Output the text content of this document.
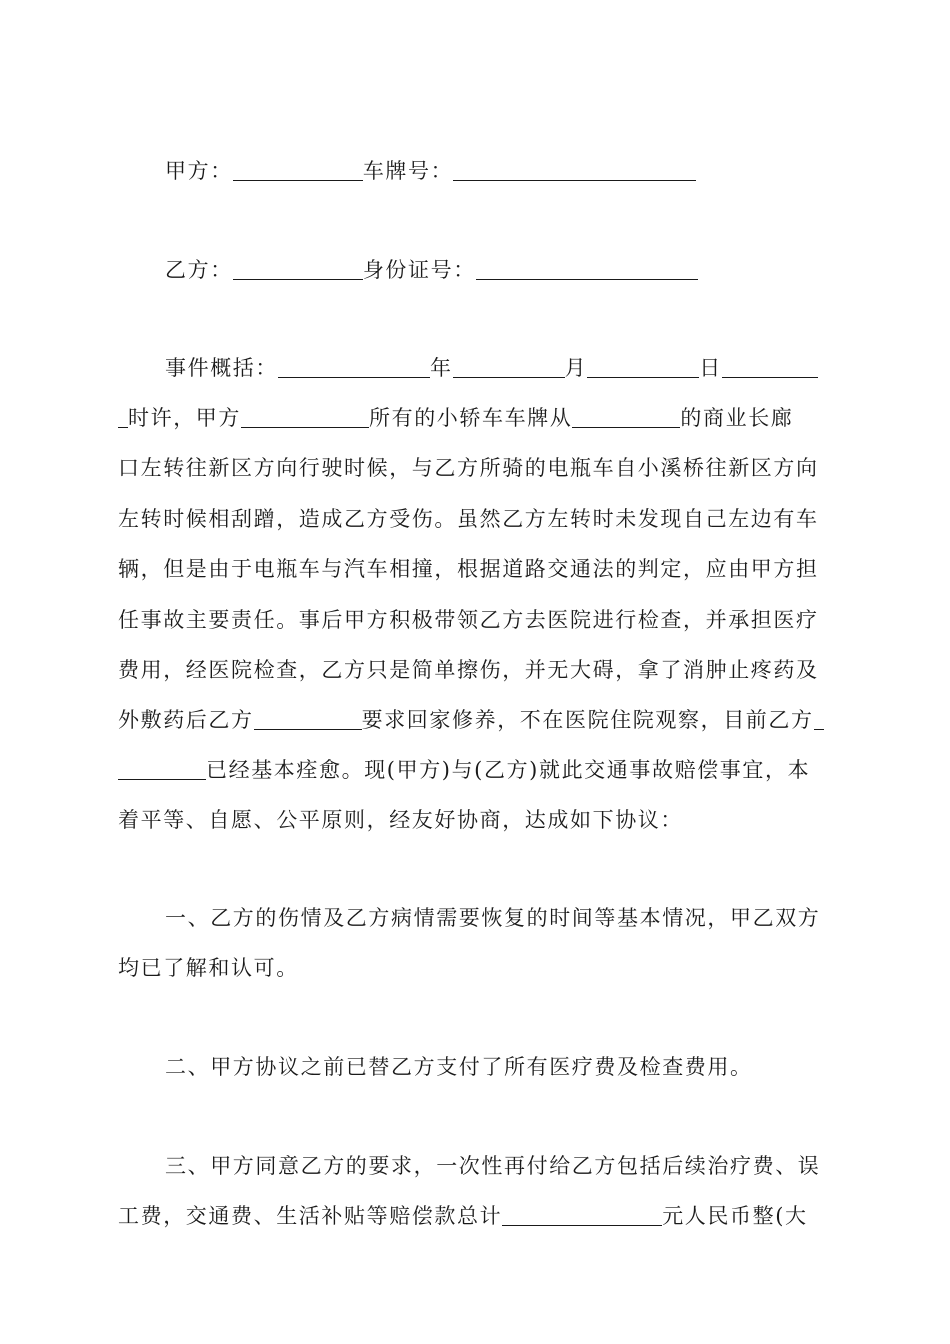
甲方：	车牌号：
乙方：	身份证号：
事件概括：	年	月	日
时许，甲方	所有的小轿车车牌从	的商业长廊
口左转往新区方向行驶时候，与乙方所骑的电瓶车自小溪桥往新区方向
左转时候相刮蹭，造成乙方受伤。虽然乙方左转时未发现自己左边有车
辆，但是由于电瓶车与汽车相撞，根据道路交通法的判定，应由甲方担
任事故主要责任。事后甲方积极带领乙方去医院进行检查，并承担医疗
费用，经医院检查，乙方只是简单擦伤，并无大碍，拿了消肿止疼药及
外敷药后乙方	要求回家修养，不在医院住院观察，目前乙方
已经基本痊愈。现(甲方)与(乙方)就此交通事故赔偿事宜，本
着平等、自愿、公平原则，经友好协商，达成如下协议：
一、乙方的伤情及乙方病情需要恢复的时间等基本情况，甲乙双方
均已了解和认可。
二、甲方协议之前已替乙方支付了所有医疗费及检查费用。
三、甲方同意乙方的要求，一次性再付给乙方包括后续治疗费、误
工费，交通费、生活补贴等赔偿款总计	元人民币整(大
